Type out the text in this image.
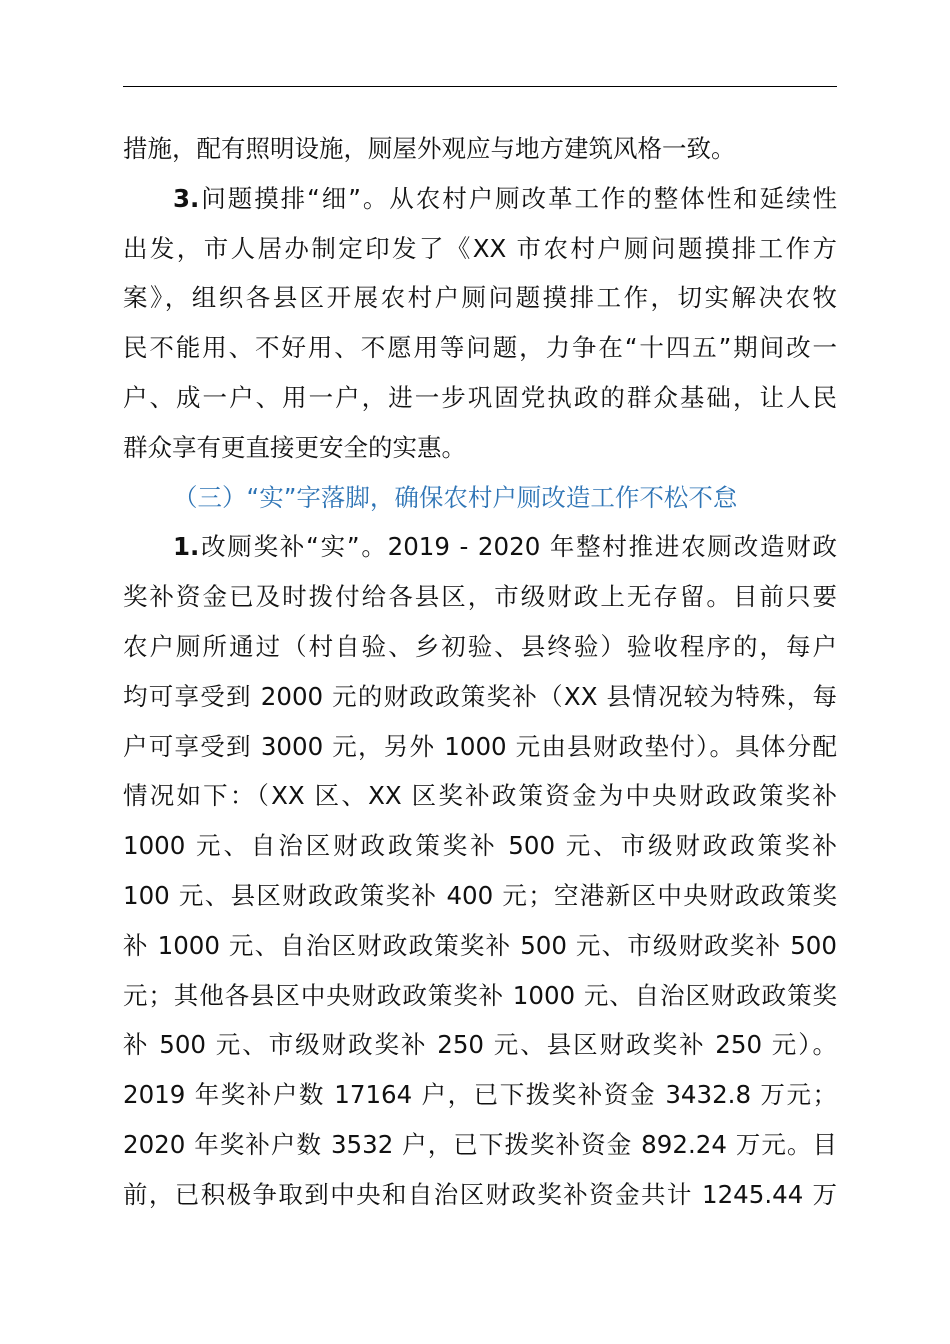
措施，配有照明设施，厕屋外观应与地方建筑风格一致。
3.问题摸排“细”。从农村户厕改革工作的整体性和延续性
出发，市人居办制定印发了《XX 市农村户厕问题摸排工作方
案》，组织各县区开展农村户厕问题摸排工作，切实解决农牧
民不能用、不好用、不愿用等问题，力争在“十四五”期间改一
户、成一户、用一户，进一步巩固党执政的群众基础，让人民
群众享有更直接更安全的实惠。
（三）“实”字落脚，确保农村户厕改造工作不松不怠
1.改厕奖补“实”。2019 - 2020 年整村推进农厕改造财政
奖补资金已及时拨付给各县区，市级财政上无存留。目前只要
农户厕所通过（村自验、乡初验、县终验）验收程序的，每户
均可享受到 2000 元的财政政策奖补（XX 县情况较为特殊，每
户可享受到 3000 元，另外 1000 元由县财政垫付）。具体分配
情况如下：（XX 区、XX 区奖补政策资金为中央财政政策奖补
1000 元、自治区财政政策奖补 500 元、市级财政政策奖补
100 元、县区财政政策奖补 400 元；空港新区中央财政政策奖
补 1000 元、自治区财政政策奖补 500 元、市级财政奖补 500
元；其他各县区中央财政政策奖补 1000 元、自治区财政政策奖
补 500 元、市级财政奖补 250 元、县区财政奖补 250 元）。
2019 年奖补户数 17164 户，已下拨奖补资金 3432.8 万元；
2020 年奖补户数 3532 户，已下拨奖补资金 892.24 万元。目
前，已积极争取到中央和自治区财政奖补资金共计 1245.44 万
